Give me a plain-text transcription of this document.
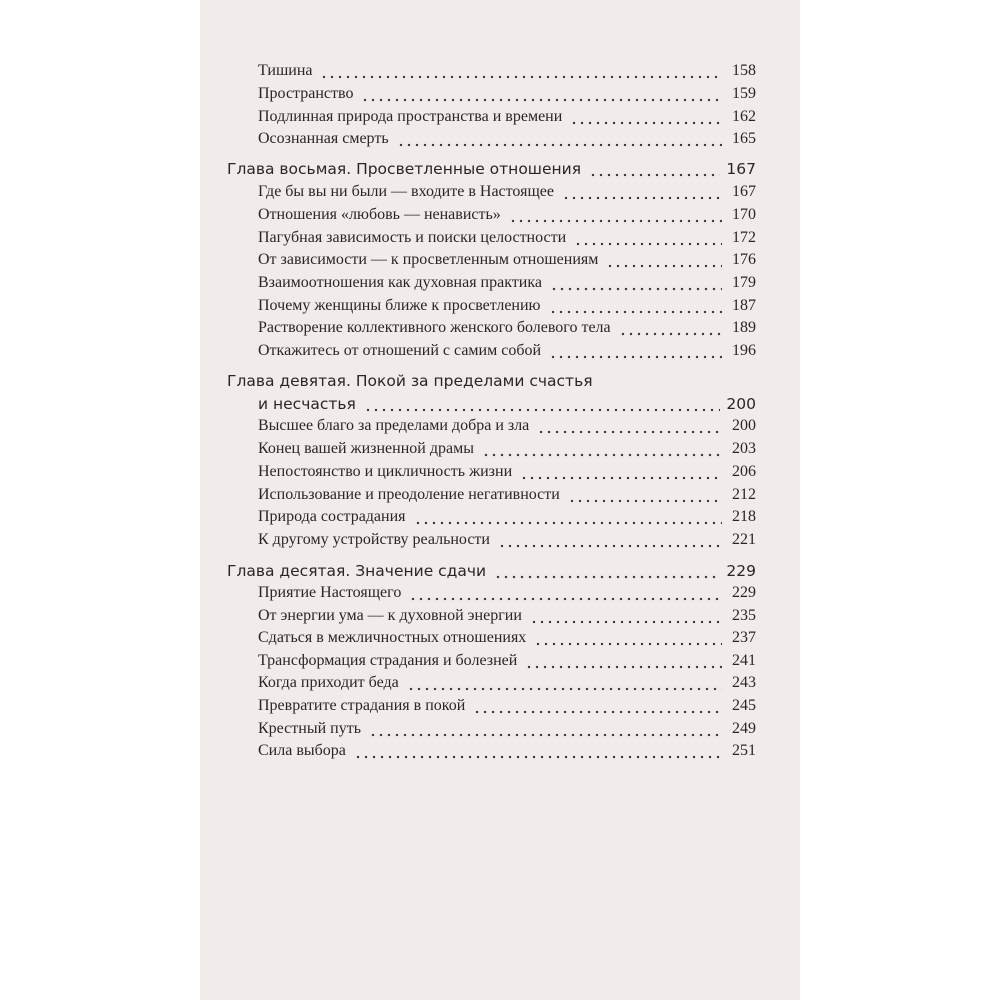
Тишина	158
Пространство	159
Подлинная природа пространства и времени	162
Осознанная смерть	165
Глава восьмая. Просветленные отношения	167
Где бы вы ни были — входите в Настоящее	167
Отношения «любовь — ненависть»	170
Пагубная зависимость и поиски целостности	172
От зависимости — к просветленным отношениям	176
Взаимоотношения как духовная практика	179
Почему женщины ближе к просветлению	187
Растворение коллективного женского болевого тела	189
Откажитесь от отношений с самим собой	196
Глава девятая. Покой за пределами счастья
и несчастья	200
Высшее благо за пределами добра и зла	200
Конец вашей жизненной драмы	203
Непостоянство и цикличность жизни	206
Использование и преодоление негативности	212
Природа сострадания	218
К другому устройству реальности	221
Глава десятая. Значение сдачи	229
Приятие Настоящего	229
От энергии ума — к духовной энергии	235
Сдаться в межличностных отношениях	237
Трансформация страдания и болезней	241
Когда приходит беда	243
Превратите страдания в покой	245
Крестный путь	249
Сила выбора	251
